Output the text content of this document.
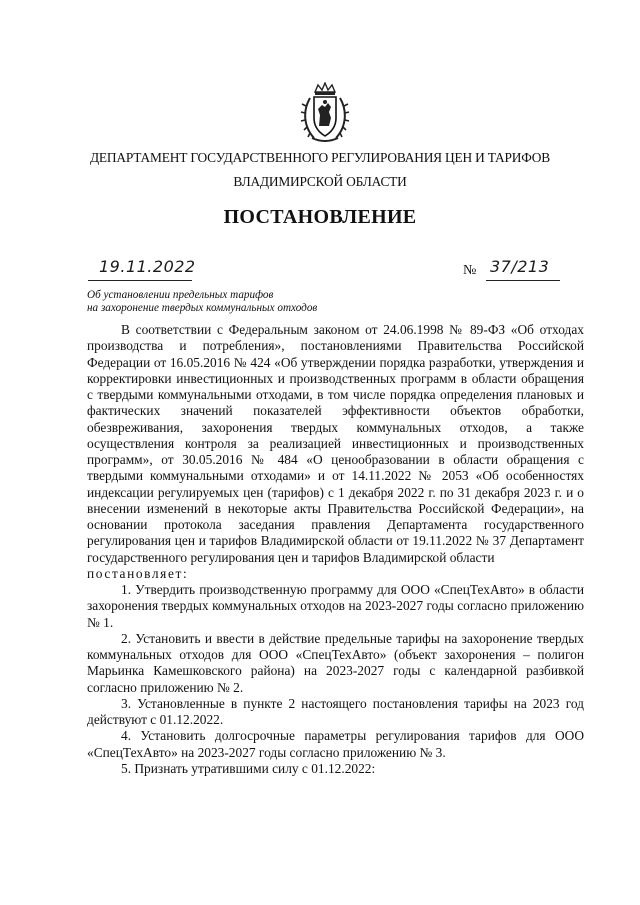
ДЕПАРТАМЕНТ ГОСУДАРСТВЕННОГО РЕГУЛИРОВАНИЯ ЦЕН И ТАРИФОВ
ВЛАДИМИРСКОЙ ОБЛАСТИ
ПОСТАНОВЛЕНИЕ
19.11.2022	№ 37/213
Об установлении предельных тарифов
на захоронение твердых коммунальных отходов

В соответствии с Федеральным законом от 24.06.1998 № 89-ФЗ «Об отходах производства и потребления», постановлениями Правительства Российской Федерации от 16.05.2016 № 424 «Об утверждении порядка разработки, утверждения и корректировки инвестиционных и производственных программ в области обращения с твердыми коммунальными отходами, в том числе порядка определения плановых и фактических значений показателей эффективности объектов обработки, обезвреживания, захоронения твердых коммунальных отходов, а также осуществления контроля за реализацией инвестиционных и производственных программ», от 30.05.2016 № 484 «О ценообразовании в области обращения с твердыми коммунальными отходами» и от 14.11.2022 № 2053 «Об особенностях индексации регулируемых цен (тарифов) с 1 декабря 2022 г. по 31 декабря 2023 г. и о внесении изменений в некоторые акты Правительства Российской Федерации», на основании протокола заседания правления Департамента государственного регулирования цен и тарифов Владимирской области от 19.11.2022 № 37 Департамент государственного регулирования цен и тарифов Владимирской области

постановляет:

1. Утвердить производственную программу для ООО «СпецТехАвто» в области захоронения твердых коммунальных отходов на 2023-2027 годы согласно приложению № 1.

2. Установить и ввести в действие предельные тарифы на захоронение твердых коммунальных отходов для ООО «СпецТехАвто» (объект захоронения – полигон Марьинка Камешковского района) на 2023-2027 годы с календарной разбивкой согласно приложению № 2.

3. Установленные в пункте 2 настоящего постановления тарифы на 2023 год действуют с 01.12.2022.

4. Установить долгосрочные параметры регулирования тарифов для ООО «СпецТехАвто» на 2023-2027 годы согласно приложению № 3.

5. Признать утратившими силу с 01.12.2022:
